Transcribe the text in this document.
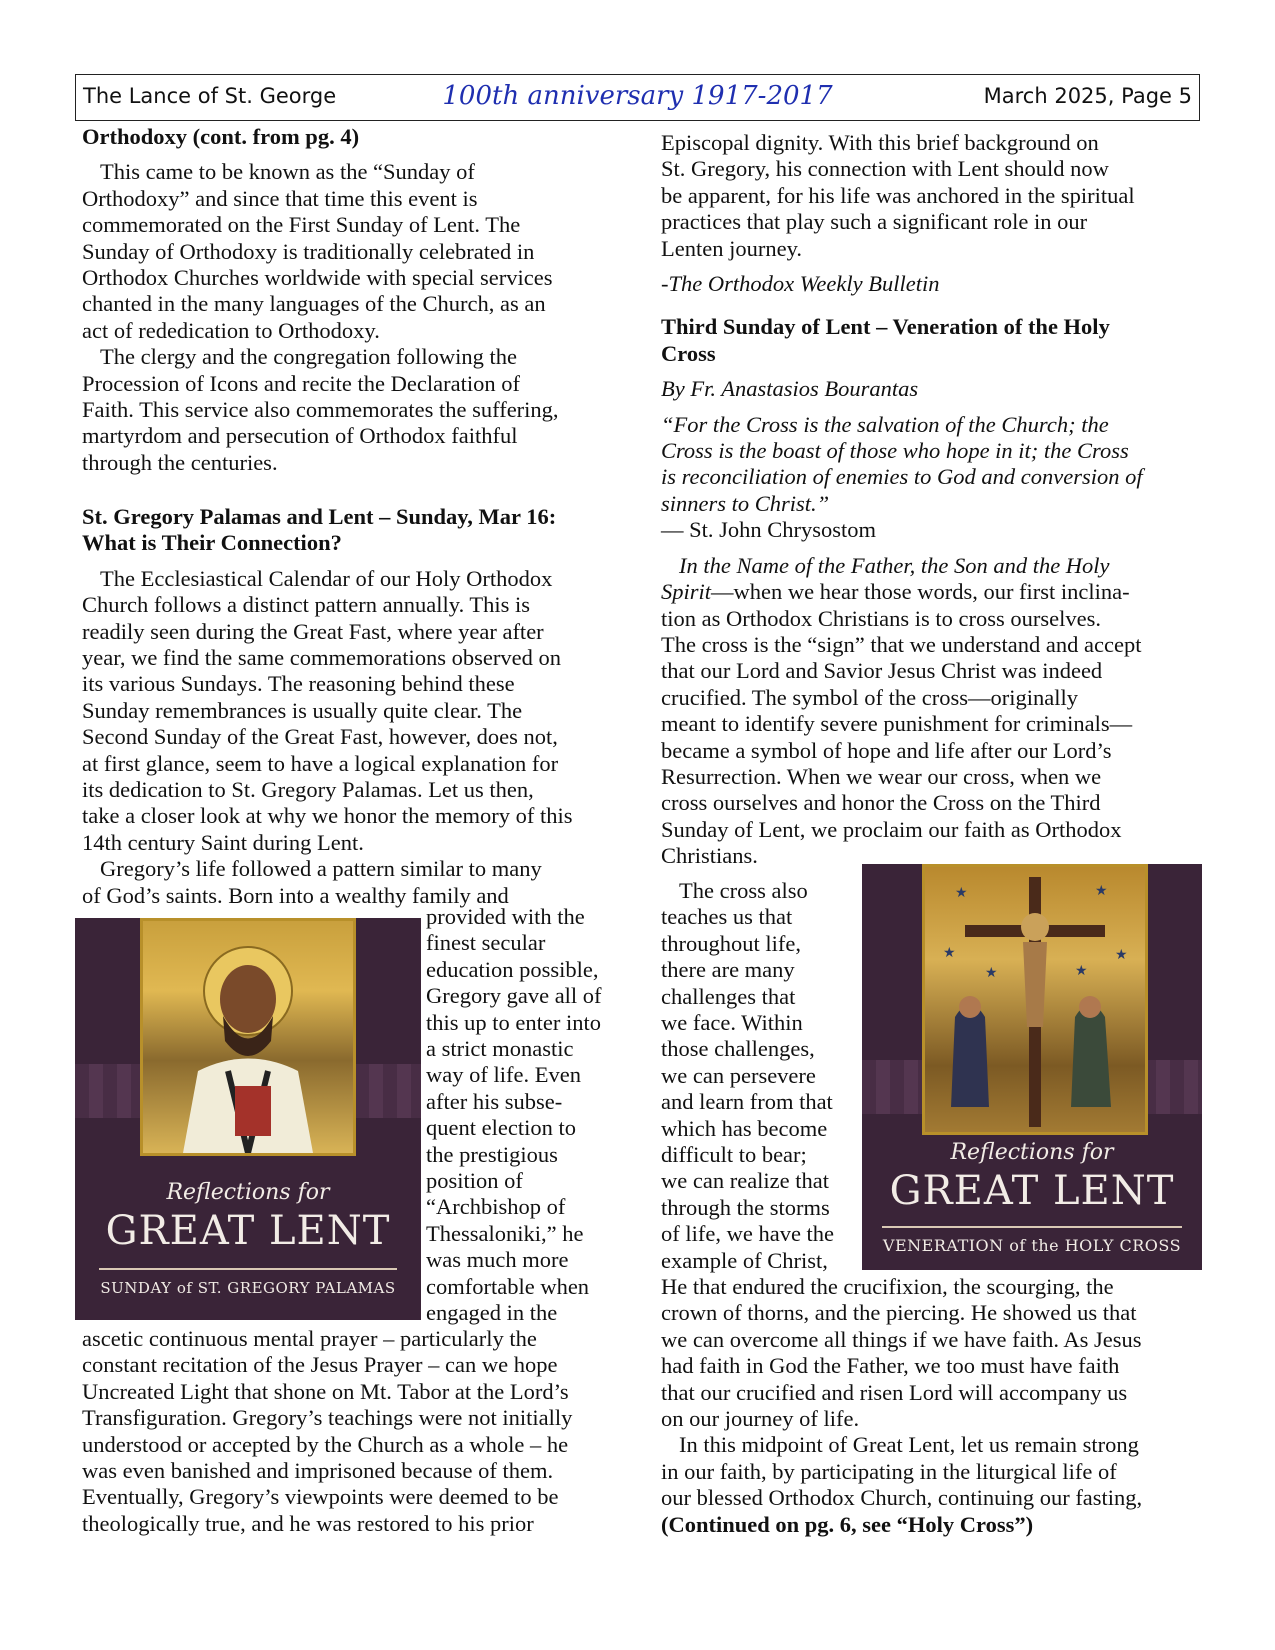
The Lance of St. George	100th anniversary 1917-2017	March 2025, Page 5

Orthodoxy (cont. from pg. 4)

This came to be known as the “Sunday of

Orthodoxy” and since that time this event is

commemorated on the First Sunday of Lent. The

Sunday of Orthodoxy is traditionally celebrated in

Orthodox Churches worldwide with special services

chanted in the many languages of the Church, as an

act of rededication to Orthodoxy.

The clergy and the congregation following the

Procession of Icons and recite the Declaration of

Faith. This service also commemorates the suffering,

martyrdom and persecution of Orthodox faithful

through the centuries.

St. Gregory Palamas and Lent – Sunday, Mar 16:

What is Their Connection?

The Ecclesiastical Calendar of our Holy Orthodox

Church follows a distinct pattern annually. This is

readily seen during the Great Fast, where year after

year, we find the same commemorations observed on

its various Sundays. The reasoning behind these

Sunday remembrances is usually quite clear. The

Second Sunday of the Great Fast, however, does not,

at first glance, seem to have a logical explanation for

its dedication to St. Gregory Palamas. Let us then,

take a closer look at why we honor the memory of this

14th century Saint during Lent.

Gregory’s life followed a pattern similar to many

of God’s saints. Born into a wealthy family and

provided with the

finest secular

education possible,

Gregory gave all of

this up to enter into

a strict monastic

way of life. Even

after his subse-

quent election to

the prestigious

position of

“Archbishop of

Thessaloniki,” he

was much more

comfortable when

engaged in the

ascetic continuous mental prayer – particularly the

constant recitation of the Jesus Prayer – can we hope

Uncreated Light that shone on Mt. Tabor at the Lord’s

Transfiguration. Gregory’s teachings were not initially

understood or accepted by the Church as a whole – he

was even banished and imprisoned because of them.

Eventually, Gregory’s viewpoints were deemed to be

theologically true, and he was restored to his prior

Reflections for
GREAT LENT
SUNDAY of ST. GREGORY PALAMAS

Episcopal dignity. With this brief background on

St. Gregory, his connection with Lent should now

be apparent, for his life was anchored in the spiritual

practices that play such a significant role in our

Lenten journey.

-The Orthodox Weekly Bulletin

Third Sunday of Lent – Veneration of the Holy

Cross

By Fr. Anastasios Bourantas

“For the Cross is the salvation of the Church; the

Cross is the boast of those who hope in it; the Cross

is reconciliation of enemies to God and conversion of

sinners to Christ.”

— St. John Chrysostom

In the Name of the Father, the Son and the Holy

Spirit—when we hear those words, our first inclina-

tion as Orthodox Christians is to cross ourselves.

The cross is the “sign” that we understand and accept

that our Lord and Savior Jesus Christ was indeed

crucified. The symbol of the cross—originally

meant to identify severe punishment for criminals—

became a symbol of hope and life after our Lord’s

Resurrection. When we wear our cross, when we

cross ourselves and honor the Cross on the Third

Sunday of Lent, we proclaim our faith as Orthodox

Christians.

The cross also

teaches us that

throughout life,

there are many

challenges that

we face. Within

those challenges,

we can persevere

and learn from that

which has become

difficult to bear;

we can realize that

through the storms

of life, we have the

example of Christ,

He that endured the crucifixion, the scourging, the

crown of thorns, and the piercing. He showed us that

we can overcome all things if we have faith. As Jesus

had faith in God the Father, we too must have faith

that our crucified and risen Lord will accompany us

on our journey of life.

In this midpoint of Great Lent, let us remain strong

in our faith, by participating in the liturgical life of

our blessed Orthodox Church, continuing our fasting,

(Continued on pg. 6, see “Holy Cross”)

★	★
★	★
★	★
Reflections for
GREAT LENT
VENERATION of the HOLY CROSS
